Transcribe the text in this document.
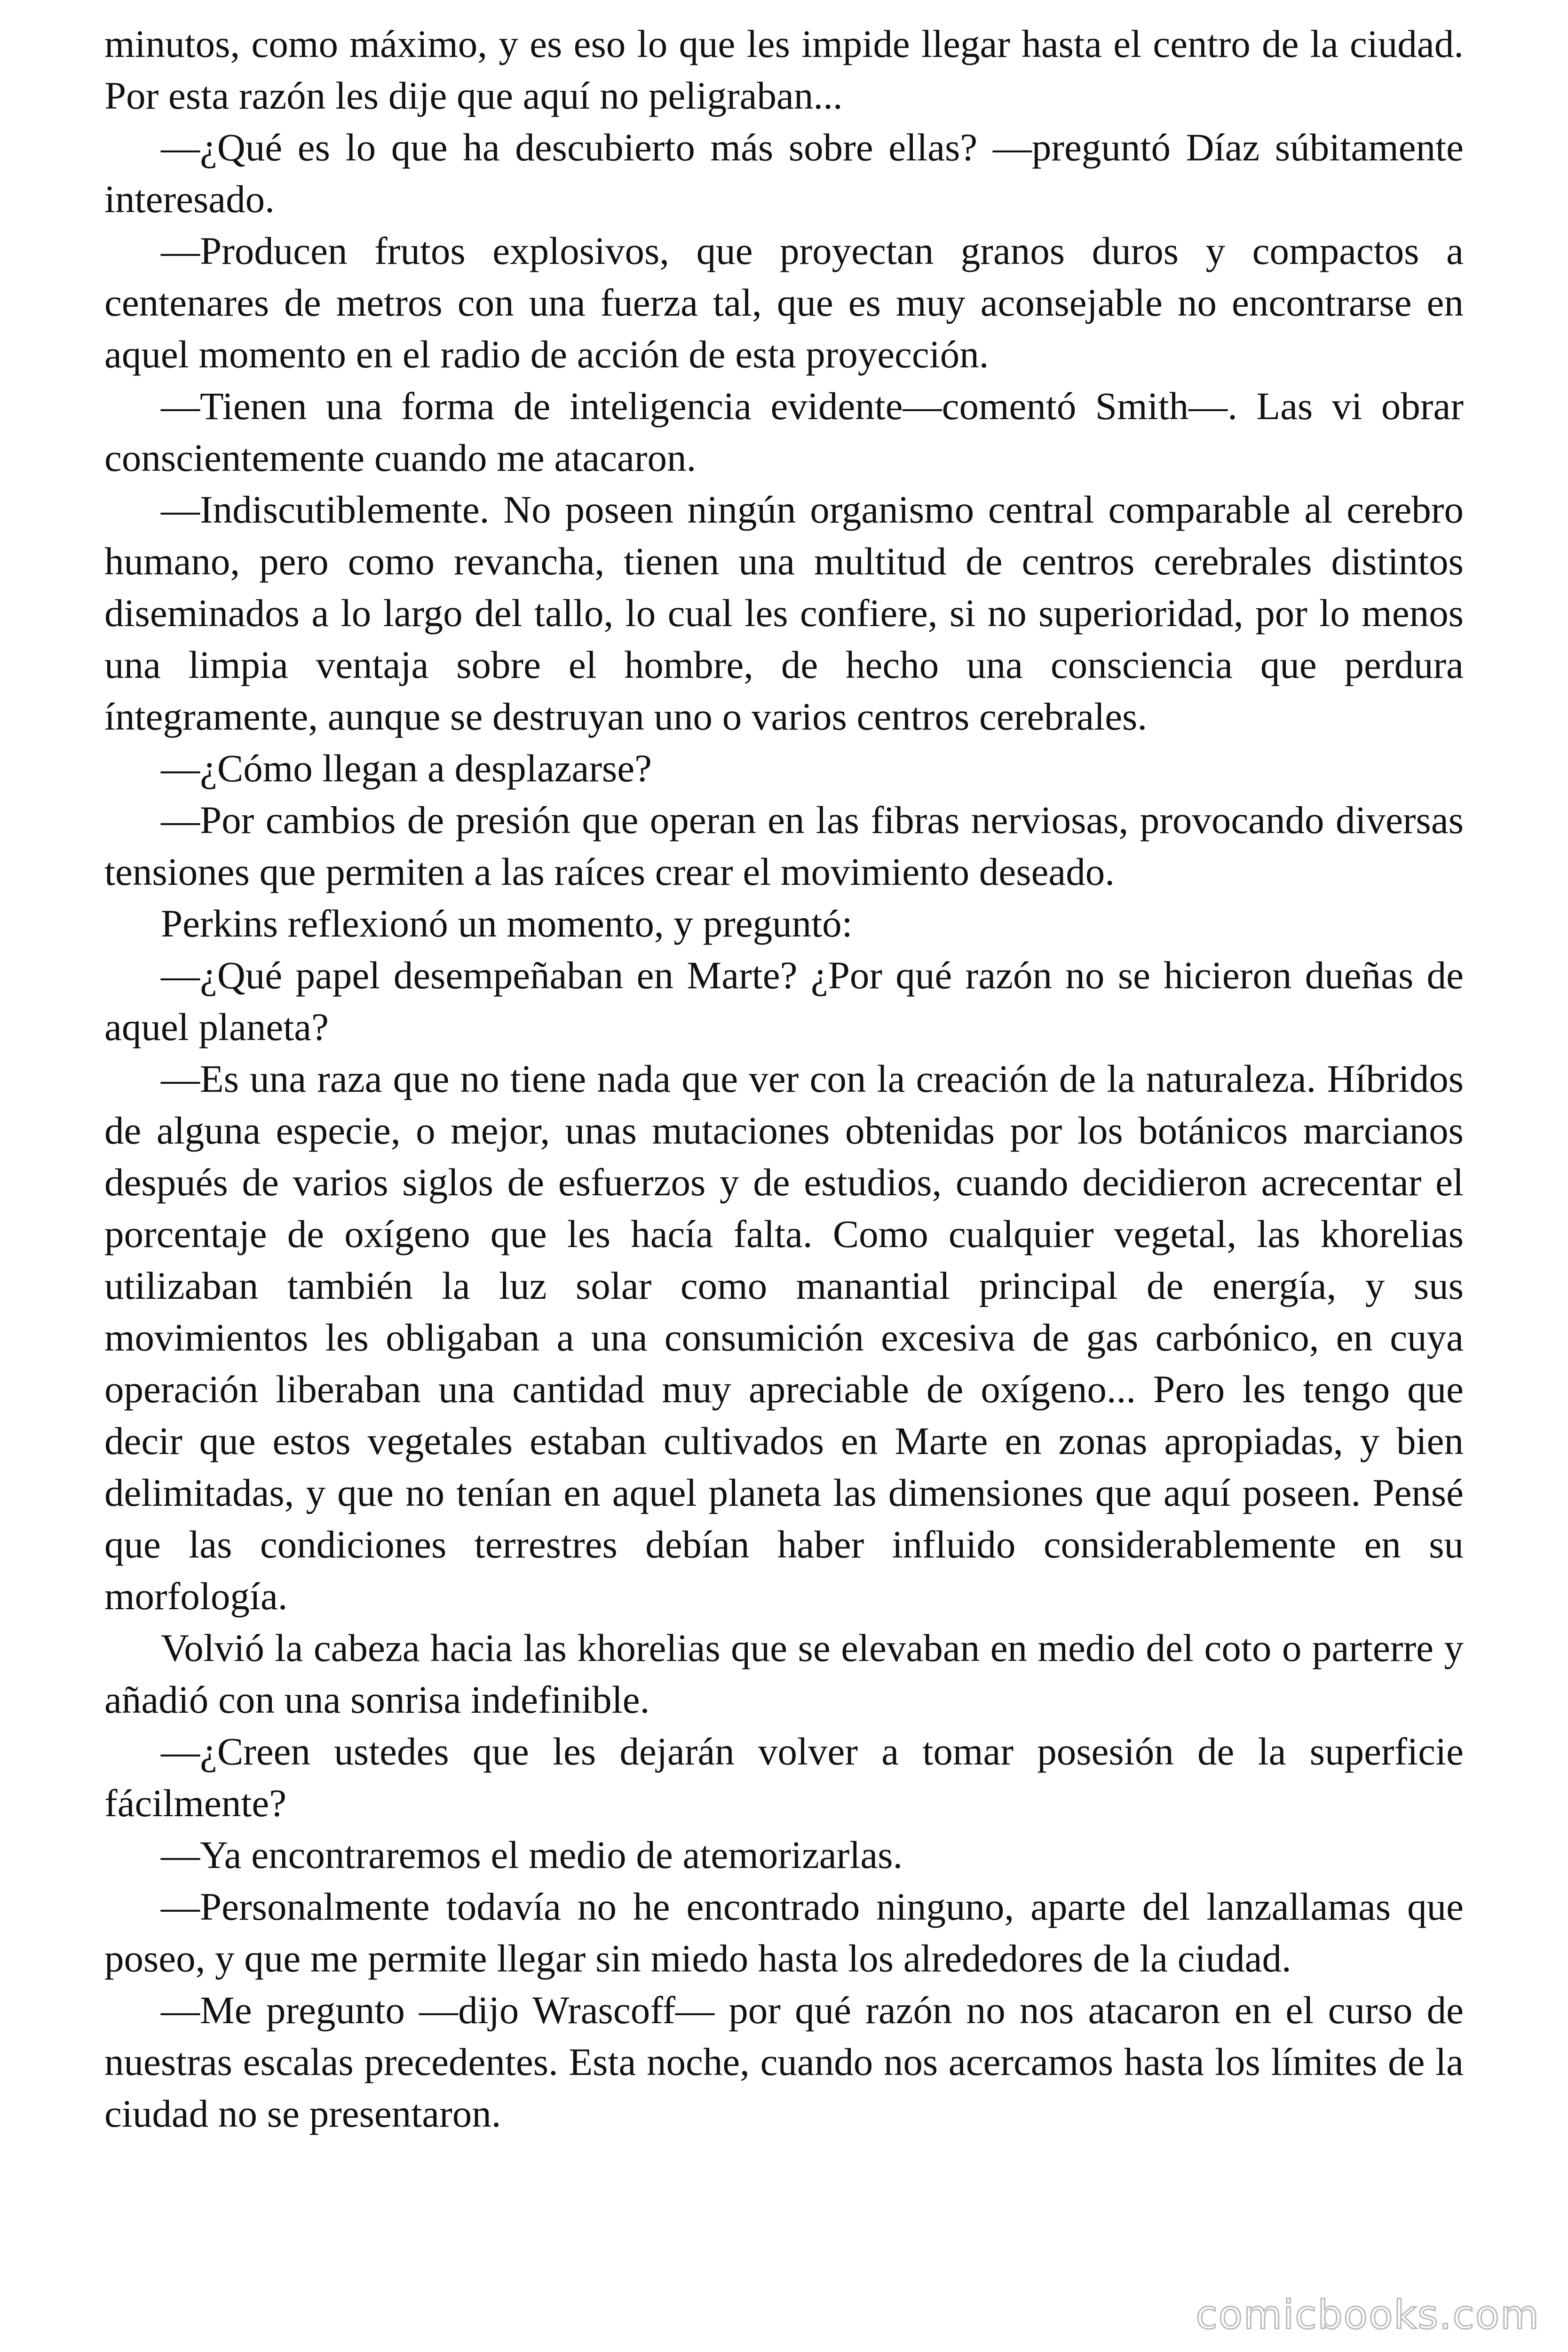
minutos, como máximo, y es eso lo que les impide llegar hasta el centro de la ciudad. Por esta razón les dije que aquí no peligraban...

—¿Qué es lo que ha descubierto más sobre ellas? —preguntó Díaz súbitamente interesado.

—Producen frutos explosivos, que proyectan granos duros y compactos a centenares de metros con una fuerza tal, que es muy aconsejable no encontrarse en aquel momento en el radio de acción de esta proyección.

—Tienen una forma de inteligencia evidente—comentó Smith—. Las vi obrar conscientemente cuando me atacaron.

—Indiscutiblemente. No poseen ningún organismo central comparable al cerebro humano, pero como revancha, tienen una multitud de centros cerebrales distintos diseminados a lo largo del tallo, lo cual les confiere, si no superioridad, por lo menos una limpia ventaja sobre el hombre, de hecho una consciencia que perdura íntegramente, aunque se destruyan uno o varios centros cerebrales.

—¿Cómo llegan a desplazarse?

—Por cambios de presión que operan en las fibras nerviosas, provocando diversas tensiones que permiten a las raíces crear el movimiento deseado.

Perkins reflexionó un momento, y preguntó:

—¿Qué papel desempeñaban en Marte? ¿Por qué razón no se hicieron dueñas de aquel planeta?

—Es una raza que no tiene nada que ver con la creación de la naturaleza. Híbridos de alguna especie, o mejor, unas mutaciones obtenidas por los botánicos marcianos después de varios siglos de esfuerzos y de estudios, cuando decidieron acrecentar el porcentaje de oxígeno que les hacía falta. Como cualquier vegetal, las khorelias utilizaban también la luz solar como manantial principal de energía, y sus movimientos les obligaban a una consumición excesiva de gas carbónico, en cuya operación liberaban una cantidad muy apreciable de oxígeno... Pero les tengo que decir que estos vegetales estaban cultivados en Marte en zonas apropiadas, y bien delimitadas, y que no tenían en aquel planeta las dimensiones que aquí poseen. Pensé que las condiciones terrestres debían haber influido considerablemente en su morfología.

Volvió la cabeza hacia las khorelias que se elevaban en medio del coto o parterre y añadió con una sonrisa indefinible.

—¿Creen ustedes que les dejarán volver a tomar posesión de la superficie fácilmente?

—Ya encontraremos el medio de atemorizarlas.

—Personalmente todavía no he encontrado ninguno, aparte del lanzallamas que poseo, y que me permite llegar sin miedo hasta los alrededores de la ciudad.

—Me pregunto —dijo Wrascoff— por qué razón no nos atacaron en el curso de nuestras escalas precedentes. Esta noche, cuando nos acercamos hasta los límites de la ciudad no se presentaron.

comicbooks.com
